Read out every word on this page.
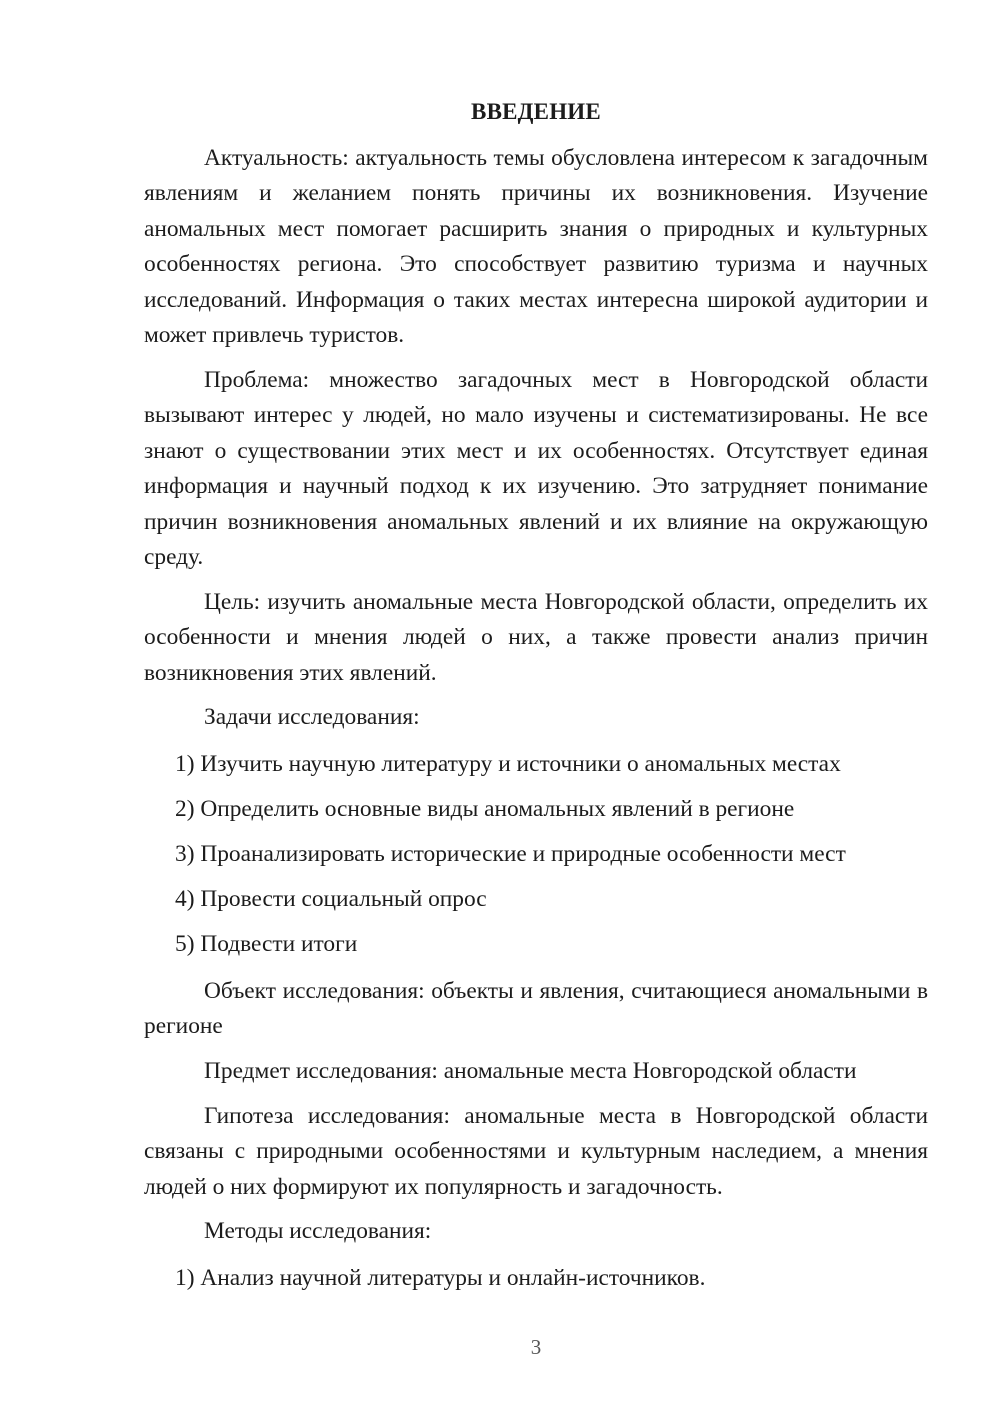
ВВЕДЕНИЕ

Актуальность: актуальность темы обусловлена интересом к загадочным явлениям и желанием понять причины их возникновения. Изучение аномальных мест помогает расширить знания о природных и культурных особенностях региона. Это способствует развитию туризма и научных исследований. Информация о таких местах интересна широкой аудитории и может привлечь туристов.

Проблема: множество загадочных мест в Новгородской области вызывают интерес у людей, но мало изучены и систематизированы. Не все знают о существовании этих мест и их особенностях. Отсутствует единая информация и научный подход к их изучению. Это затрудняет понимание причин возникновения аномальных явлений и их влияние на окружающую среду.

Цель: изучить аномальные места Новгородской области, определить их особенности и мнения людей о них, а также провести анализ причин возникновения этих явлений.

Задачи исследования:
1) Изучить научную литературу и источники о аномальных местах
2) Определить основные виды аномальных явлений в регионе
3) Проанализировать исторические и природные особенности мест
4) Провести социальный опрос
5) Подвести итоги

Объект исследования: объекты и явления, считающиеся аномальными в регионе

Предмет исследования: аномальные места Новгородской области

Гипотеза исследования: аномальные места в Новгородской области связаны с природными особенностями и культурным наследием, а мнения людей о них формируют их популярность и загадочность.

Методы исследования:
1) Анализ научной литературы и онлайн-источников.
3
